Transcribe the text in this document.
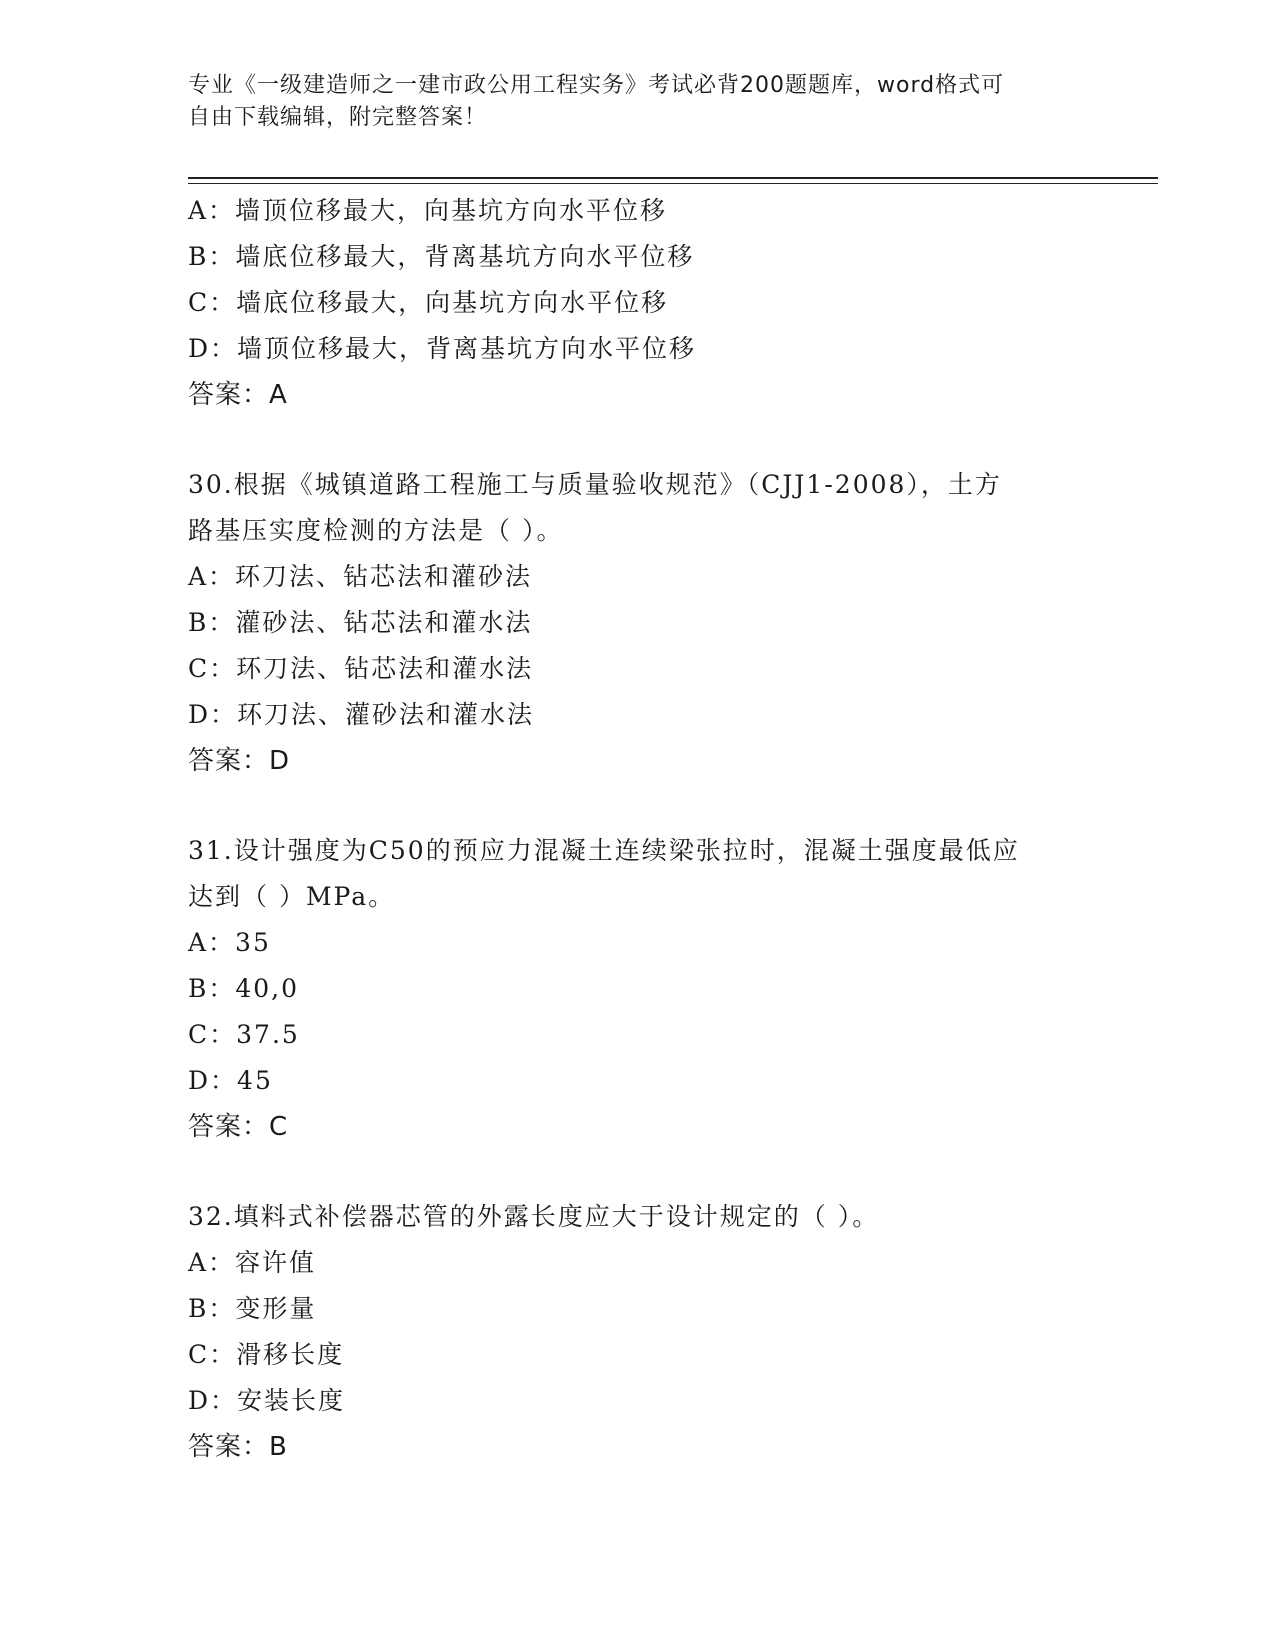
专业《一级建造师之一建市政公用工程实务》考试必背200题题库，word格式可
自由下载编辑，附完整答案！
A：墙顶位移最大，向基坑方向水平位移
B：墙底位移最大，背离基坑方向水平位移
C：墙底位移最大，向基坑方向水平位移
D：墙顶位移最大，背离基坑方向水平位移
答案：A
30.根据《城镇道路工程施工与质量验收规范》（CJJ1-2008），土方
路基压实度检测的方法是（ ）。
A：环刀法、钻芯法和灌砂法
B：灌砂法、钻芯法和灌水法
C：环刀法、钻芯法和灌水法
D：环刀法、灌砂法和灌水法
答案：D
31.设计强度为C50的预应力混凝土连续梁张拉时，混凝土强度最低应
达到（ ）MPa。
A：35
B：40,0
C：37.5
D：45
答案：C
32.填料式补偿器芯管的外露长度应大于设计规定的（ ）。
A：容许值
B：变形量
C：滑移长度
D：安装长度
答案：B
